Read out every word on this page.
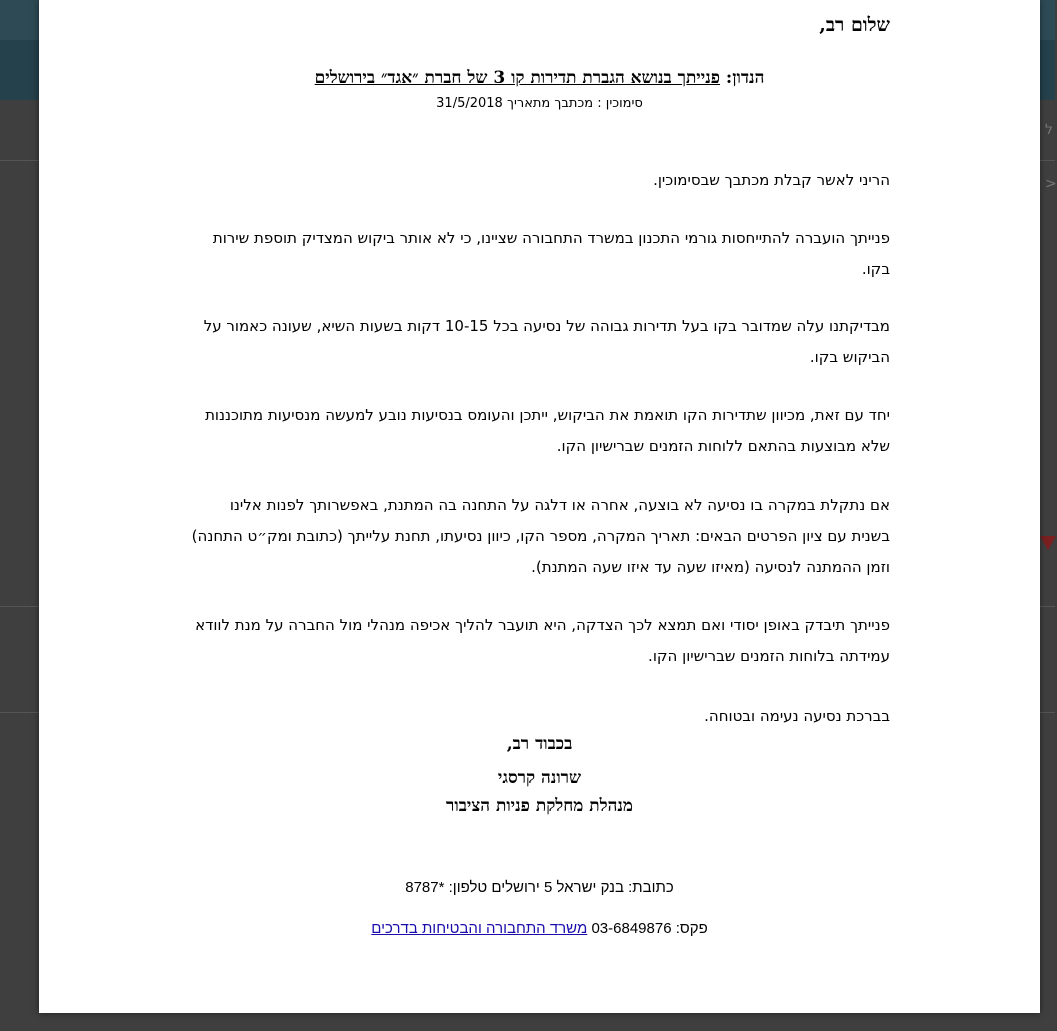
ל
>
שלום רב,
הנדון: פנייתך בנושא הגברת תדירות קו 3 של חברת ״אגד״ בירושלים
סימוכין : מכתבך מתאריך 31/5/2018

הריני לאשר קבלת מכתבך שבסימוכין.

פנייתך הועברה להתייחסות גורמי התכנון במשרד התחבורה שציינו, כי לא אותר ביקוש המצדיק תוספת שירות בקו.

מבדיקתנו עלה שמדובר בקו בעל תדירות גבוהה של נסיעה בכל 10-15 דקות בשעות השיא, שעונה כאמור על הביקוש בקו.

יחד עם זאת, מכיוון שתדירות הקו תואמת את הביקוש, ייתכן והעומס בנסיעות נובע למעשה מנסיעות מתוכננות שלא מבוצעות בהתאם ללוחות הזמנים שברישיון הקו.

אם נתקלת במקרה בו נסיעה לא בוצעה, אחרה או דלגה על התחנה בה המתנת, באפשרותך לפנות אלינו בשנית עם ציון הפרטים הבאים: תאריך המקרה, מספר הקו, כיוון נסיעתו, תחנת עלייתך (כתובת ומק״ט התחנה) וזמן ההמתנה לנסיעה (מאיזו שעה עד איזו שעה המתנת).

פנייתך תיבדק באופן יסודי ואם תמצא לכך הצדקה, היא תועבר להליך אכיפה מנהלי מול החברה על מנת לוודא עמידתה בלוחות הזמנים שברישיון הקו.

בברכת נסיעה נעימה ובטוחה.
בכבוד רב,
שרונה קרסגי
מנהלת מחלקת פניות הציבור
כתובת: בנק ישראל 5 ירושלים טלפון: *8787
פקס: 03-6849876 משרד התחבורה והבטיחות בדרכים
